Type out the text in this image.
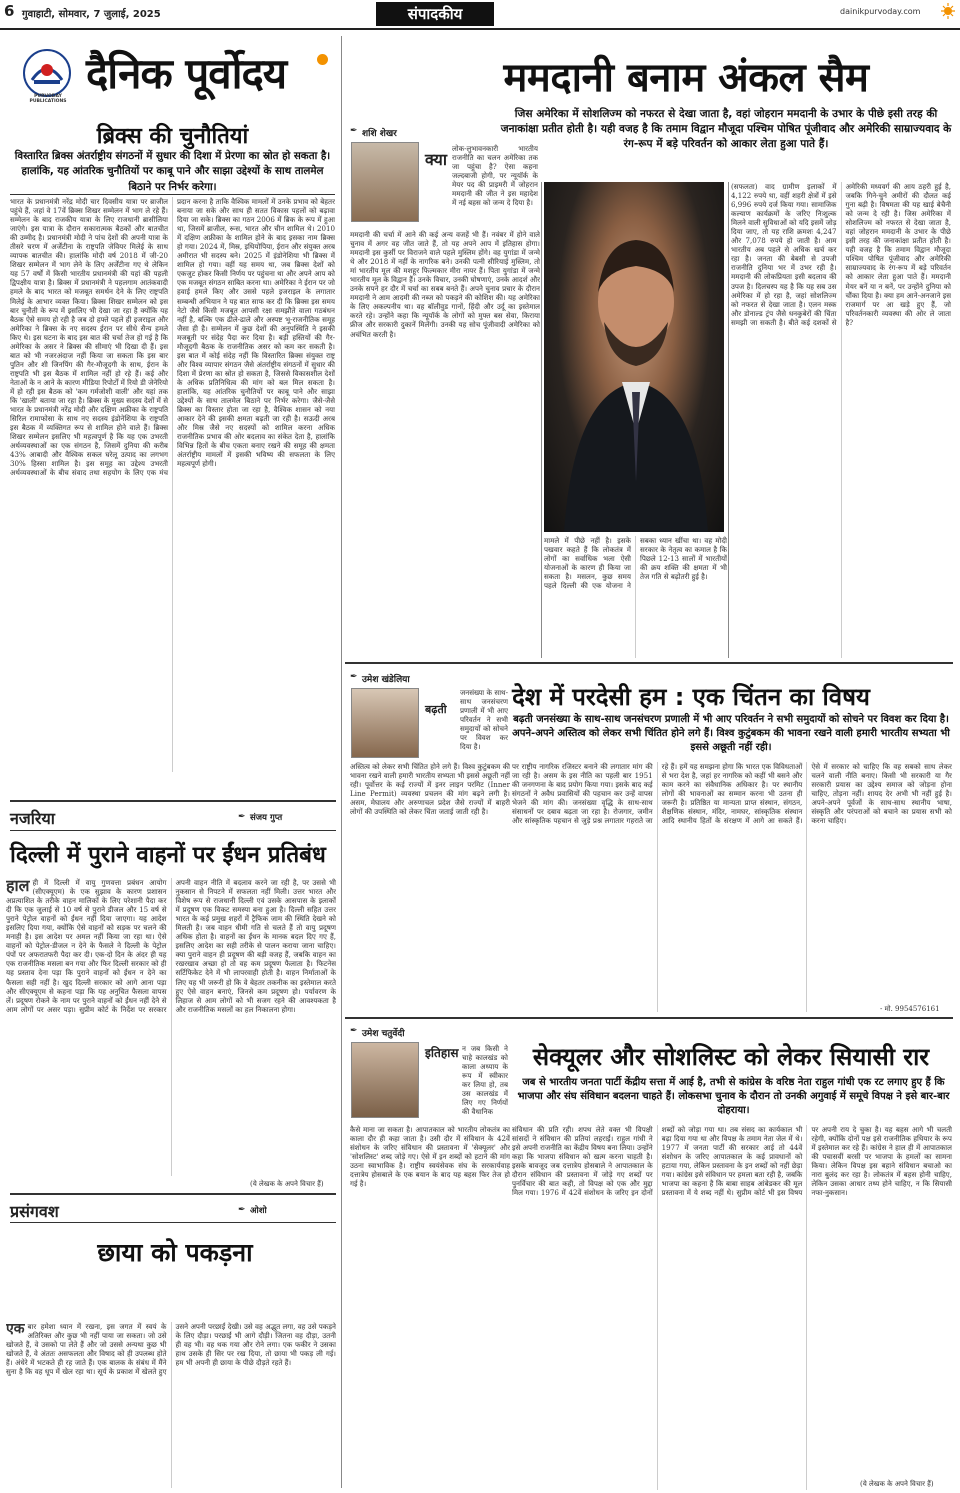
6 गुवाहाटी, सोमवार, 7 जुलाई, 2025	संपादकीय	dainikpurvoday.com
PURVODAY PUBLICATIONS
दैनिक पूर्वोदय
ब्रिक्स की चुनौतियां
विस्तारित ब्रिक्स अंतर्राष्ट्रीय संगठनों में सुधार की दिशा में प्रेरणा का स्रोत हो सकता है। हालांकि, यह आंतरिक चुनौतियों पर काबू पाने और साझा उद्देश्यों के साथ तालमेल बिठाने पर निर्भर करेगा।
भारत के प्रधानमंत्री नरेंद्र मोदी चार दिवसीय यात्रा पर ब्राजील पहुंचे हैं, जहां वे 17वें ब्रिक्स शिखर सम्मेलन में भाग ले रहे हैं। सम्मेलन के बाद राजकीय यात्रा के लिए राजधानी ब्रासीलिया जाएंगे। इस यात्रा के दौरान सकारात्मक बैठकों और बातचीत की उम्मीद है। प्रधानमंत्री मोदी ने पांच देशों की अपनी यात्रा के तीसरे चरण में अर्जेंटीना के राष्ट्रपति जेवियर मिलेई के साथ व्यापक बातचीत की। हालांकि मोदी वर्ष 2018 में जी-20 शिखर सम्मेलन में भाग लेने के लिए अर्जेंटीना गए थे लेकिन यह 57 वर्षों में किसी भारतीय प्रधानमंत्री की यहां की पहली द्विपक्षीय यात्रा है। ब्रिक्स में प्रधानमंत्री ने पहलगाम आतंकवादी हमले के बाद भारत को मजबूत समर्थन देने के लिए राष्ट्रपति मिलेई के आभार व्यक्त किया। ब्रिक्स शिखर सम्मेलन को इस बार चुनौती के रूप में इसलिए भी देखा जा रहा है क्योंकि यह बैठक ऐसे समय हो रही है जब दो हफ्ते पहले ही इजराइल और अमेरिका ने ब्रिक्स के नए सदस्य ईरान पर सीधे सैन्य हमले किए थे। इस घटना के बाद इस बात की चर्चा तेज हो गई है कि अमेरिका के असर ने ब्रिक्स की सीमाएं भी दिखा दी हैं। इस बात को भी नजरअंदाज नहीं किया जा सकता कि इस बार पुतिन और शी जिनपिंग की गैर-मौजूदगी के साथ, ईरान के राष्ट्रपति भी इस बैठक में शामिल नहीं हो रहे हैं। कई और नेताओं के न आने के कारण मीडिया रिपोर्टों में रियो डी जेनेरियो में हो रही इस बैठक को 'कम गर्मजोशी वाली' और यहां तक कि 'खाली' बताया जा रहा है। ब्रिक्स के मुख्य सदस्य देशों में से भारत के प्रधानमंत्री नरेंद्र मोदी और दक्षिण अफ्रीका के राष्ट्रपति सिरिल रामाफोसा के साथ नए सदस्य इंडोनेशिया के राष्ट्रपति इस बैठक में व्यक्तिगत रूप से शामिल होने वाले हैं। ब्रिक्स शिखर सम्मेलन इसलिए भी महत्वपूर्ण है कि यह एक उभरती अर्थव्यवस्थाओं का एक संगठन है, जिसमें दुनिया की करीब 43% आबादी और वैश्विक सकल घरेलू उत्पाद का लगभग 30% हिस्सा शामिल है। इस समूह का उद्देश्य उभरती अर्थव्यवस्थाओं के बीच संवाद तथा सहयोग के लिए एक मंच प्रदान करना है ताकि वैश्विक मामलों में उनके प्रभाव को बेहतर बनाया जा सके और साथ ही सतत विकास पहलों को बढ़ावा दिया जा सके। ब्रिक्स का गठन 2006 में ब्रिक के रूप में हुआ था, जिसमें ब्राजील, रूस, भारत और चीन शामिल थे। 2010 में दक्षिण अफ्रीका के शामिल होने के बाद इसका नाम ब्रिक्स हो गया। 2024 में, मिस्र, इथियोपिया, ईरान और संयुक्त अरब अमीरात भी सदस्य बने। 2025 में इंडोनेशिया भी ब्रिक्स में शामिल हो गया। वहीं यह समय था, जब ब्रिक्स देशों को एकजुट होकर किसी निर्णय पर पहुंचना था और अपने आप को एक मजबूत संगठन साबित करना था। अमेरिका ने ईरान पर जो हवाई हमले किए और उससे पहले इजराइल के लगातार सम्बन्धी अभियान ने यह बात साफ कर दी कि ब्रिक्स इस समय नेटो जैसे किसी मजबूत आपसी रक्षा समझौते वाला गठबंधन नहीं है, बल्कि एक ढीले-ढाले और अस्पष्ट भू-राजनीतिक समूह जैसा ही है। सम्मेलन में कुछ देशों की अनुपस्थिति ने इसकी मजबूती पर संदेह पैदा कर दिया है। बड़ी हस्तियों की गैर-मौजूदगी बैठक के राजनीतिक असर को कम कर सकती है। इस बात में कोई संदेह नहीं कि विस्तारित ब्रिक्स संयुक्त राष्ट्र और विश्व व्यापार संगठन जैसे अंतर्राष्ट्रीय संगठनों में सुधार की दिशा में प्रेरणा का स्रोत हो सकता है, जिससे विकासशील देशों के अधिक प्रतिनिधित्व की मांग को बल मिल सकता है। हालांकि, यह आंतरिक चुनौतियों पर काबू पाने और साझा उद्देश्यों के साथ तालमेल बिठाने पर निर्भर करेगा। जैसे-जैसे ब्रिक्स का विस्तार होता जा रहा है, वैश्विक शासन को नया आकार देने की इसकी क्षमता बढ़ती जा रही है। सऊदी अरब और मिस्र जैसे नए सदस्यों को शामिल करना अधिक राजनीतिक प्रभाव की ओर बदलाव का संकेत देता है, हालांकि विभिन्न हितों के बीच एकता बनाए रखने की समूह की क्षमता अंतर्राष्ट्रीय मामलों में इसकी भविष्य की सफलता के लिए महत्वपूर्ण होगी।
नजरिया	✒ संजय गुप्त
दिल्ली में पुराने वाहनों पर ईंधन प्रतिबंध
हाल ही में दिल्ली में वायु गुणवत्ता प्रबंधन आयोग (सीएक्यूएम) के एक सुझाव के कारण प्रशासन अप्रत्याशित के तरीके वाहन मालिकों के लिए परेशानी पैदा कर दी कि एक जुलाई से 10 वर्ष से पुराने डीजल और 15 वर्ष से पुराने पेट्रोल वाहनों को ईंधन नहीं दिया जाएगा। यह आदेश इसलिए दिया गया, क्योंकि ऐसे वाहनों को सड़क पर चलने की मनाही है। इस आदेश पर अमल नहीं किया जा रहा था। ऐसे वाहनों को पेट्रोल-डीजल न देने के फैसले ने दिल्ली के पेट्रोल पंपों पर अफरातफरी पैदा कर दी। एक-दो दिन के अंदर ही यह एक राजनीतिक मसला बन गया और फिर दिल्ली सरकार को ही यह प्रस्ताव देना पड़ा कि पुराने वाहनों को ईंधन न देने का फैसला सही नहीं है। खुद दिल्ली सरकार को आगे आना पड़ा और सीएक्यूएम से कहना पड़ा कि यह अनुचित फैसला वापस लें। प्रदूषण रोकने के नाम पर पुराने वाहनों को ईंधन नहीं देने से आम लोगों पर असर पड़ा। सुप्रीम कोर्ट के निर्देश पर सरकार अपनी वाहन नीति में बदलाव करने जा रही है, पर उससे भी नुकसान से निपटने में सफलता नहीं मिली। उत्तर भारत और विशेष रूप से राजधानी दिल्ली एवं उसके आसपास के इलाकों में प्रदूषण एक विकट समस्या बना हुआ है। दिल्ली सहित उत्तर भारत के कई प्रमुख शहरों में ट्रैफिक जाम की स्थिति देखने को मिलती है। जब वाहन धीमी गति से चलते हैं तो वायु प्रदूषण अधिक होता है। वाहनों का ईंधन के मानक बदल दिए गए हैं, इसलिए आदेश का सही तरीके से पालन कराया जाना चाहिए। क्या पुराने वाहन ही प्रदूषण की बड़ी वजह हैं, जबकि वाहन का रखरखाव अच्छा हो तो वह कम प्रदूषण फैलाता है। फिटनेस सर्टिफिकेट देने में भी लापरवाही होती है। वाहन निर्माताओं के लिए यह भी जरूरी हो कि वे बेहतर तकनीक का इस्तेमाल करते हुए ऐसे वाहन बनाएं, जिनसे कम प्रदूषण हो। पर्यावरण के लिहाज से आम लोगों को भी सजग रहने की आवश्यकता है और राजनीतिक मसलों का हल निकालना होगा।
(ये लेखक के अपने विचार हैं)
प्रसंगवश	✒ ओशो
छाया को पकड़ना
एक बार हमेशा ध्यान में रखना, इस जगत में स्वयं के अतिरिक्त और कुछ भी नहीं पाया जा सकता। जो उसे खोजते हैं, वे उसको पा लेते हैं और जो उससे अन्यथा कुछ भी खोजते हैं, वे अंततः असफलता और विषाद को ही उपलब्ध होते हैं। अंधेरे में भटकते ही रह जाते हैं। एक बालक के संबंध में मैंने सुना है कि वह धूप में खेल रहा था। सूर्य के प्रकाश में खेलते हुए उसने अपनी परछाईं देखी। उसे वह अद्भुत लगा, वह उसे पकड़ने के लिए दौड़ा। परछाईं भी आगे दौड़ी। जितना वह दौड़ा, उतनी ही वह भी। वह थक गया और रोने लगा। एक फकीर ने उसका हाथ उसके ही सिर पर रख दिया, तो छाया भी पकड़ ली गई। हम भी अपनी ही छाया के पीछे दौड़ते रहते हैं।
ममदानी बनाम अंकल सैम
जिस अमेरिका में सोशलिज्म को नफरत से देखा जाता है, वहां जोहरान ममदानी के उभार के पीछे इसी तरह की जनाकांक्षा प्रतीत होती है। यही वजह है कि तमाम विद्वान मौजूदा पश्चिम पोषित पूंजीवाद और अमेरिकी साम्राज्यवाद के रंग-रूप में बड़े परिवर्तन को आकार लेता हुआ पाते हैं।
✒ शशि शेखर
क्या
लोक-लुभावनकारी भारतीय राजनीति का चलन अमेरिका तक जा पहुंचा है? ऐसा कहना जल्दबाजी होगी, पर न्यूयॉर्क के मेयर पद की प्राइमरी में जोहरान ममदानी की जीत ने इस महादेश में नई बहस को जन्म दे दिया है।
ममदानी की चर्चा में आने की कई अन्य वजहें भी हैं। नवंबर में होने वाले चुनाव में अगर वह जीत जाते हैं, तो यह अपने आप में इतिहास होगा। ममदानी इस कुर्सी पर विराजने वाले पहले मुस्लिम होंगे। वह युगांडा में जन्मे थे और 2018 में नहीं के नागरिक बने। उनकी पत्नी सीरियाई मुस्लिम, तो मां भारतीय मूल की मशहूर फिल्मकार मीरा नायर हैं। पिता युगांडा में जन्मे भारतीय मूल के विद्वान हैं। उनके विचार, उनकी घोषणाएं, उनके आदर्श और उनके सपने हर दौर में चर्चा का सबब बनते हैं। अपने चुनाव प्रचार के दौरान ममदानी ने आम आदमी की नब्ज को पकड़ने की कोशिश की। यह अमेरिका के लिए अकल्पनीय था। वह बॉलीवुड गानों, हिंदी और उर्दू का इस्तेमाल करते रहे। उन्होंने कहा कि न्यूयॉर्क के लोगों को मुफ्त बस सेवा, किराया फ्रीज और सरकारी दुकानें मिलेंगी। उनकी यह सोच पूंजीवादी अमेरिका को अचंभित करती है।
(सफलता) वाद ग्रामीण इलाकों में 4,122 रुपये था, वहीं शहरी क्षेत्रों में इसे 6,996 रुपये दर्ज किया गया। सामाजिक कल्याण कार्यक्रमों के जरिए निःशुल्क मिलने वाली सुविधाओं को यदि इसमें जोड़ दिया जाए, तो यह राशि क्रमशः 4,247 और 7,078 रुपये हो जाती है। आम भारतीय अब पहले से अधिक खर्च कर रहा है। जनता की बेबसी से उपजी राजनीति दुनिया भर में उभर रही है। ममदानी की लोकप्रियता इसी बदलाव की उपज है। दिलचस्प यह है कि यह सब उस अमेरिका में हो रहा है, जहां सोशलिज्म को नफरत से देखा जाता है। एलन मस्क और डोनाल्ड ट्रंप जैसे धनकुबेरों की चिंता समझी जा सकती है। बीते कई दशकों से अमेरिकी मध्यवर्ग की आय ठहरी हुई है, जबकि गिने-चुने अमीरों की दौलत कई गुना बढ़ी है। विषमता की यह खाई बेचैनी को जन्म दे रही है। जिस अमेरिका में सोशलिज्म को नफरत से देखा जाता है, वहां जोहरान ममदानी के उभार के पीछे इसी तरह की जनाकांक्षा प्रतीत होती है। यही वजह है कि तमाम विद्वान मौजूदा पश्चिम पोषित पूंजीवाद और अमेरिकी साम्राज्यवाद के रंग-रूप में बड़े परिवर्तन को आकार लेता हुआ पाते हैं। ममदानी मेयर बनें या न बनें, पर उन्होंने दुनिया को चौंका दिया है। क्या हम आने-अनजाने इस राजमार्ग पर आ खड़े हुए हैं, जो परिवर्तनकारी व्यवस्था की ओर ले जाता है?
मामले में पीछे नहीं है। इसके पखवार कहते हैं कि लोकतंत्र में लोगों का सर्वाधिक भला ऐसी योजनाओं के कारण ही किया जा सकता है। मसलन, कुछ समय पहले दिल्ली की एक योजना ने सबका ध्यान खींचा था। वह मोदी सरकार के नेतृत्व का कमाल है कि पिछले 12-13 सालों में भारतीयों की क्रय शक्ति की क्षमता में भी तेज गति से बढ़ोतरी हुई है।
✒ उमेश खंडेलिया
बढ़ती
जनसंख्या के साथ-साथ जनसंचरण प्रणाली में भी आए परिवर्तन ने सभी समुदायों को सोचने पर विवश कर दिया है।
देश में परदेसी हम : एक चिंतन का विषय
बढ़ती जनसंख्या के साथ-साथ जनसंचरण प्रणाली में भी आए परिवर्तन ने सभी समुदायों को सोचने पर विवश कर दिया है। अपने-अपने अस्तित्व को लेकर सभी चिंतित होने लगे हैं। विश्व कुटुंबकम की भावना रखने वाली हमारी भारतीय सभ्यता भी इससे अछूती नहीं रही।
अस्तित्व को लेकर सभी चिंतित होने लगे हैं। विश्व कुटुंबकम की भावना रखने वाली हमारी भारतीय सभ्यता भी इससे अछूती नहीं रही। पूर्वोत्तर के कई राज्यों में इनर लाइन परमिट (Inner Line Permit) व्यवस्था प्रचलन की मांग बढ़ने लगी है। असम, मेघालय और अरुणाचल प्रदेश जैसे राज्यों में बाहरी लोगों की उपस्थिति को लेकर चिंता जताई जाती रही है।
पर राष्ट्रीय नागरिक रजिस्टर बनाने की लगातार मांग की जा रही है। असम के इस नीति का पहली बार 1951 की जनगणना के बाद प्रयोग किया गया। इसके बाद कई संगठनों ने अवैध प्रवासियों की पहचान कर उन्हें वापस भेजने की मांग की। जनसंख्या वृद्धि के साथ-साथ संसाधनों पर दबाव बढ़ता जा रहा है। रोजगार, जमीन और सांस्कृतिक पहचान से जुड़े प्रश्न लगातार गहराते जा रहे हैं। हमें यह समझना होगा कि भारत एक विविधताओं से भरा देश है, जहां हर नागरिक को कहीं भी बसने और काम करने का संवैधानिक अधिकार है। पर स्थानीय लोगों की भावनाओं का सम्मान करना भी उतना ही जरूरी है। प्रतिष्ठित या मान्यता प्राप्त संस्थान, संगठन, शैक्षणिक संस्थान, मंदिर, नामघर, सांस्कृतिक संस्थान आदि स्थानीय हितों के संरक्षण में आगे आ सकते हैं। ऐसे में सरकार को चाहिए कि वह सबको साथ लेकर चलने वाली नीति बनाए। किसी भी सरकारी या गैर सरकारी प्रयास का उद्देश्य समाज को जोड़ना होना चाहिए, तोड़ना नहीं। शायद देर अभी भी नहीं हुई है। अपने-अपने पूर्वजों के साथ-साथ स्थानीय भाषा, संस्कृति और परंपराओं को बचाने का प्रयास सभी को करना चाहिए।
- मो. 9954576161
✒ उमेश चतुर्वेदी
इतिहास न जब किसी ने चाहे कालखंड को काला अध्याय के रूप में स्वीकार कर लिया हो, तब उस कालखंड में लिए गए निर्णयों की वैधानिक
सेक्यूलर और सोशलिस्ट को लेकर सियासी रार
जब से भारतीय जनता पार्टी केंद्रीय सत्ता में आई है, तभी से कांग्रेस के वरिष्ठ नेता राहुल गांधी एक रट लगाए हुए हैं कि भाजपा और संघ संविधान बदलना चाहते हैं। लोकसभा चुनाव के दौरान तो उनकी अगुवाई में समूचे विपक्ष ने इसे बार-बार दोहराया।
कैसे माना जा सकता है। आपातकाल को भारतीय लोकतंत्र का काला दौर ही कहा जाता है। उसी दौर में संविधान के 42वें संशोधन के जरिए संविधान की प्रस्तावना में 'सेक्यूलर' और 'सोशलिस्ट' शब्द जोड़े गए। ऐसे में इन शब्दों को हटाने की मांग उठना स्वाभाविक है। राष्ट्रीय स्वयंसेवक संघ के सरकार्यवाह दत्तात्रेय होसबाले के एक बयान के बाद यह बहस फिर तेज हो गई है।
संविधान की प्रति रही। शपथ लेते वक्त भी विपक्षी सांसदों ने संविधान की प्रतियां लहराईं। राहुल गांधी ने इसे अपनी राजनीति का केंद्रीय विषय बना लिया। उन्होंने कहा कि भाजपा संविधान को खत्म करना चाहती है। इसके बावजूद जब दत्तात्रेय होसबाले ने आपातकाल के दौरान संविधान की प्रस्तावना में जोड़े गए शब्दों पर पुनर्विचार की बात कही, तो विपक्ष को एक और मुद्दा मिल गया। 1976 में 42वें संशोधन के जरिए इन दोनों शब्दों को जोड़ा गया था। तब संसद का कार्यकाल भी बढ़ा दिया गया था और विपक्ष के तमाम नेता जेल में थे। 1977 में जनता पार्टी की सरकार आई तो 44वें संशोधन के जरिए आपातकाल के कई प्रावधानों को हटाया गया, लेकिन प्रस्तावना के इन शब्दों को नहीं छेड़ा गया। कांग्रेस इसे संविधान पर हमला बता रही है, जबकि भाजपा का कहना है कि बाबा साहब आंबेडकर की मूल प्रस्तावना में ये शब्द नहीं थे। सुप्रीम कोर्ट भी इस विषय पर अपनी राय दे चुका है। यह बहस आगे भी चलती रहेगी, क्योंकि दोनों पक्ष इसे राजनीतिक हथियार के रूप में इस्तेमाल कर रहे हैं। कांग्रेस ने हाल ही में आपातकाल की पचासवीं बरसी पर भाजपा के हमलों का सामना किया। लेकिन विपक्ष इस बहाने संविधान बचाओ का नारा बुलंद कर रहा है। लोकतंत्र में बहस होनी चाहिए, लेकिन उसका आधार तथ्य होने चाहिए, न कि सियासी नफा-नुकसान।
(ये लेखक के अपने विचार हैं)
